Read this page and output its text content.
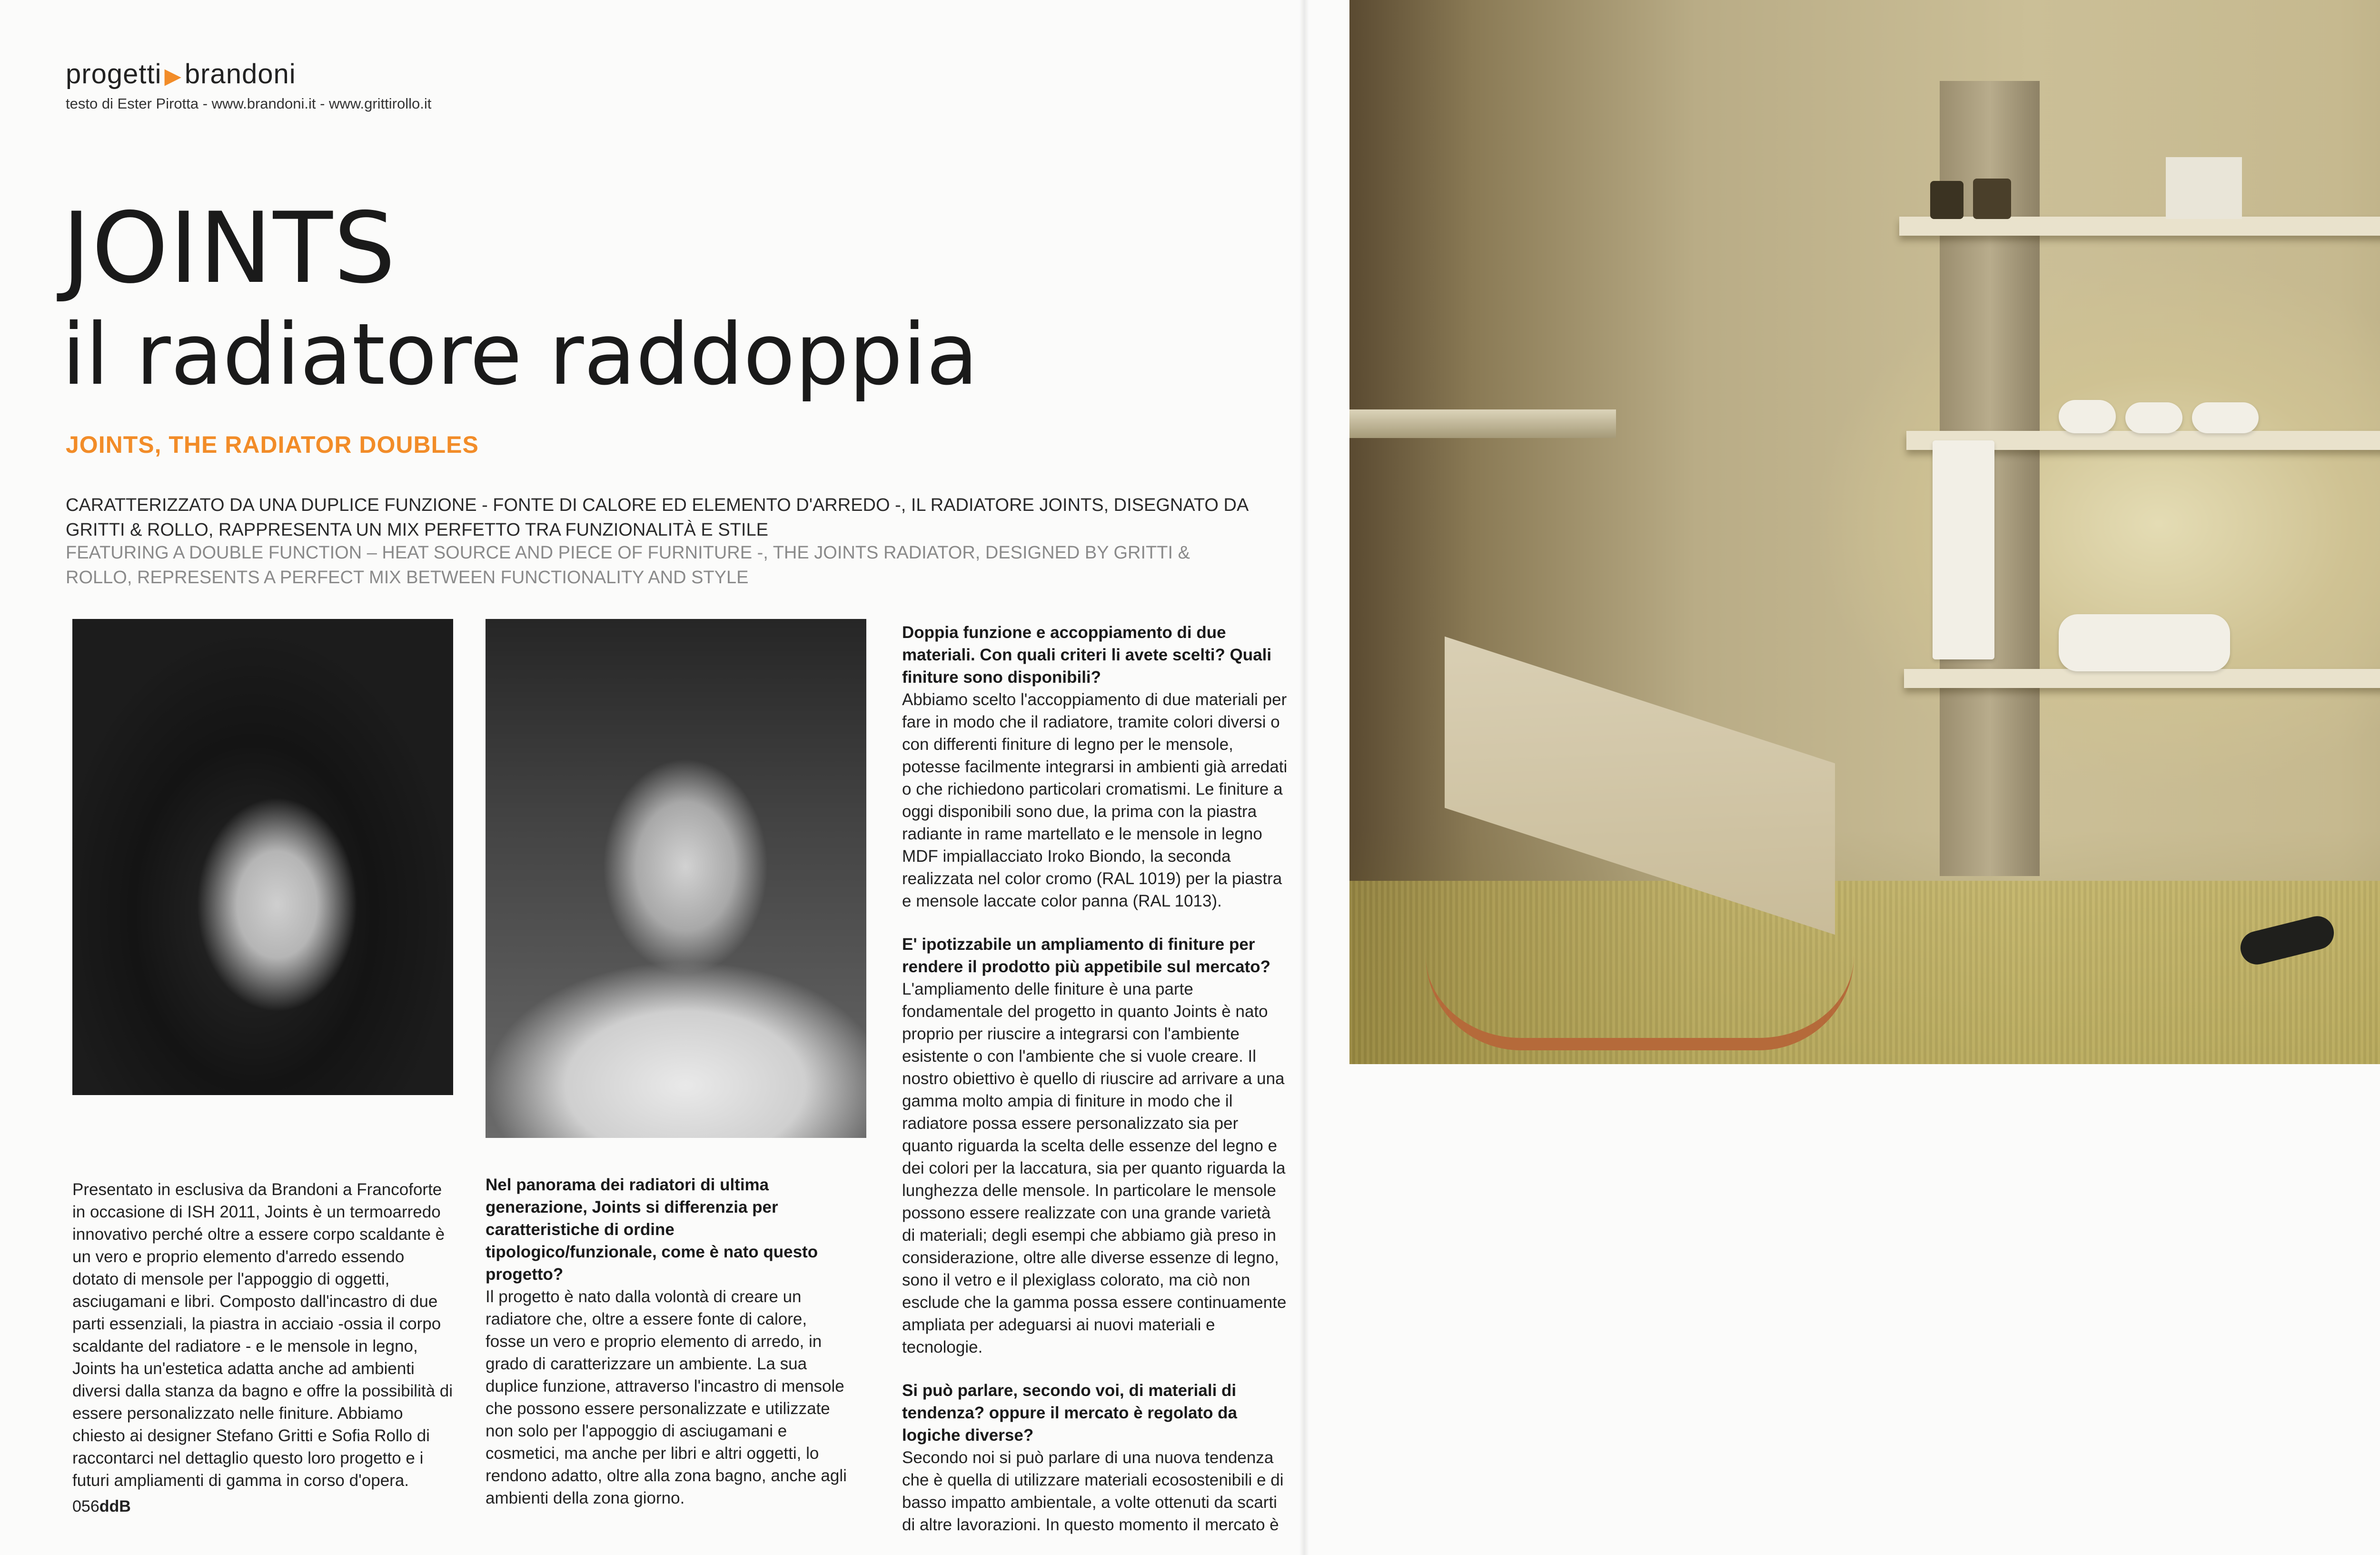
progetti ▶ brandoni
testo di Ester Pirotta - www.brandoni.it - www.grittirollo.it
JOINTS
il radiatore raddoppia
JOINTS, THE RADIATOR DOUBLES
CARATTERIZZATO DA UNA DUPLICE FUNZIONE - FONTE DI CALORE ED ELEMENTO D'ARREDO -, IL RADIATORE JOINTS, DISEGNATO DA GRITTI & ROLLO, RAPPRESENTA UN MIX PERFETTO TRA FUNZIONALITÀ E STILE
FEATURING A DOUBLE FUNCTION – HEAT SOURCE AND PIECE OF FURNITURE -, THE JOINTS RADIATOR, DESIGNED BY GRITTI & ROLLO, REPRESENTS A PERFECT MIX BETWEEN FUNCTIONALITY AND STYLE

Presentato in esclusiva da Brandoni a Francoforte in occasione di ISH 2011, Joints è un termoarredo innovativo perché oltre a essere corpo scaldante è un vero e proprio elemento d'arredo essendo dotato di mensole per l'appoggio di oggetti, asciugamani e libri. Composto dall'incastro di due parti essenziali, la piastra in acciaio -ossia il corpo scaldante del radiatore - e le mensole in legno, Joints ha un'estetica adatta anche ad ambienti diversi dalla stanza da bagno e offre la possibilità di essere personalizzato nelle finiture. Abbiamo chiesto ai designer Stefano Gritti e Sofia Rollo di raccontarci nel dettaglio questo loro progetto e i futuri ampliamenti di gamma in corso d'opera.

Nel panorama dei radiatori di ultima generazione, Joints si differenzia per caratteristiche di ordine tipologico/funzionale, come è nato questo progetto?

Il progetto è nato dalla volontà di creare un radiatore che, oltre a essere fonte di calore, fosse un vero e proprio elemento di arredo, in grado di caratterizzare un ambiente. La sua duplice funzione, attraverso l'incastro di mensole che possono essere personalizzate e utilizzate non solo per l'appoggio di asciugamani e cosmetici, ma anche per libri e altri oggetti, lo rendono adatto, oltre alla zona bagno, anche agli ambienti della zona giorno.

Doppia funzione e accoppiamento di due materiali. Con quali criteri li avete scelti? Quali finiture sono disponibili?

Abbiamo scelto l'accoppiamento di due materiali per fare in modo che il radiatore, tramite colori diversi o con differenti finiture di legno per le mensole, potesse facilmente integrarsi in ambienti già arredati o che richiedono particolari cromatismi. Le finiture a oggi disponibili sono due, la prima con la piastra radiante in rame martellato e le mensole in legno MDF impiallacciato Iroko Biondo, la seconda realizzata nel color cromo (RAL 1019) per la piastra e mensole laccate color panna (RAL 1013).

E' ipotizzabile un ampliamento di finiture per rendere il prodotto più appetibile sul mercato?

L'ampliamento delle finiture è una parte fondamentale del progetto in quanto Joints è nato proprio per riuscire a integrarsi con l'ambiente esistente o con l'ambiente che si vuole creare. Il nostro obiettivo è quello di riuscire ad arrivare a una gamma molto ampia di finiture in modo che il radiatore possa essere personalizzato sia per quanto riguarda la scelta delle essenze del legno e dei colori per la laccatura, sia per quanto riguarda la lunghezza delle mensole. In particolare le mensole possono essere realizzate con una grande varietà di materiali; degli esempi che abbiamo già preso in considerazione, oltre alle diverse essenze di legno, sono il vetro e il plexiglass colorato, ma ciò non esclude che la gamma possa essere continuamente ampliata per adeguarsi ai nuovi materiali e tecnologie.

Si può parlare, secondo voi, di materiali di tendenza? oppure il mercato è regolato da logiche diverse?

Secondo noi si può parlare di una nuova tendenza che è quella di utilizzare materiali ecosostenibili e di basso impatto ambientale, a volte ottenuti da scarti di altre lavorazioni. In questo momento il mercato è

056ddB
